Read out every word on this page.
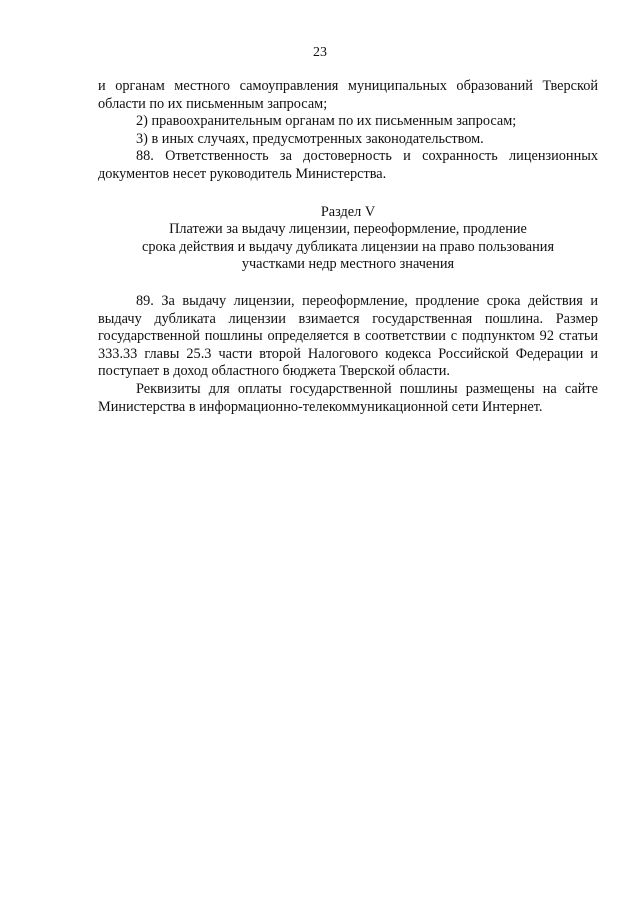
23

и органам местного самоуправления муниципальных образований Тверской области по их письменным запросам;

2) правоохранительным органам по их письменным запросам;

3) в иных случаях, предусмотренных законодательством.

88. Ответственность за достоверность и сохранность лицензионных документов несет руководитель Министерства.

Раздел V
Платежи за выдачу лицензии, переоформление, продление
срока действия и выдачу дубликата лицензии на право пользования
участками недр местного значения

89. За выдачу лицензии, переоформление, продление срока действия и выдачу дубликата лицензии взимается государственная пошлина. Размер государственной пошлины определяется в соответствии с подпунктом 92 статьи 333.33 главы 25.3 части второй Налогового кодекса Российской Федерации и поступает в доход областного бюджета Тверской области.

Реквизиты для оплаты государственной пошлины размещены на сайте Министерства в информационно-телекоммуникационной сети Интернет.
